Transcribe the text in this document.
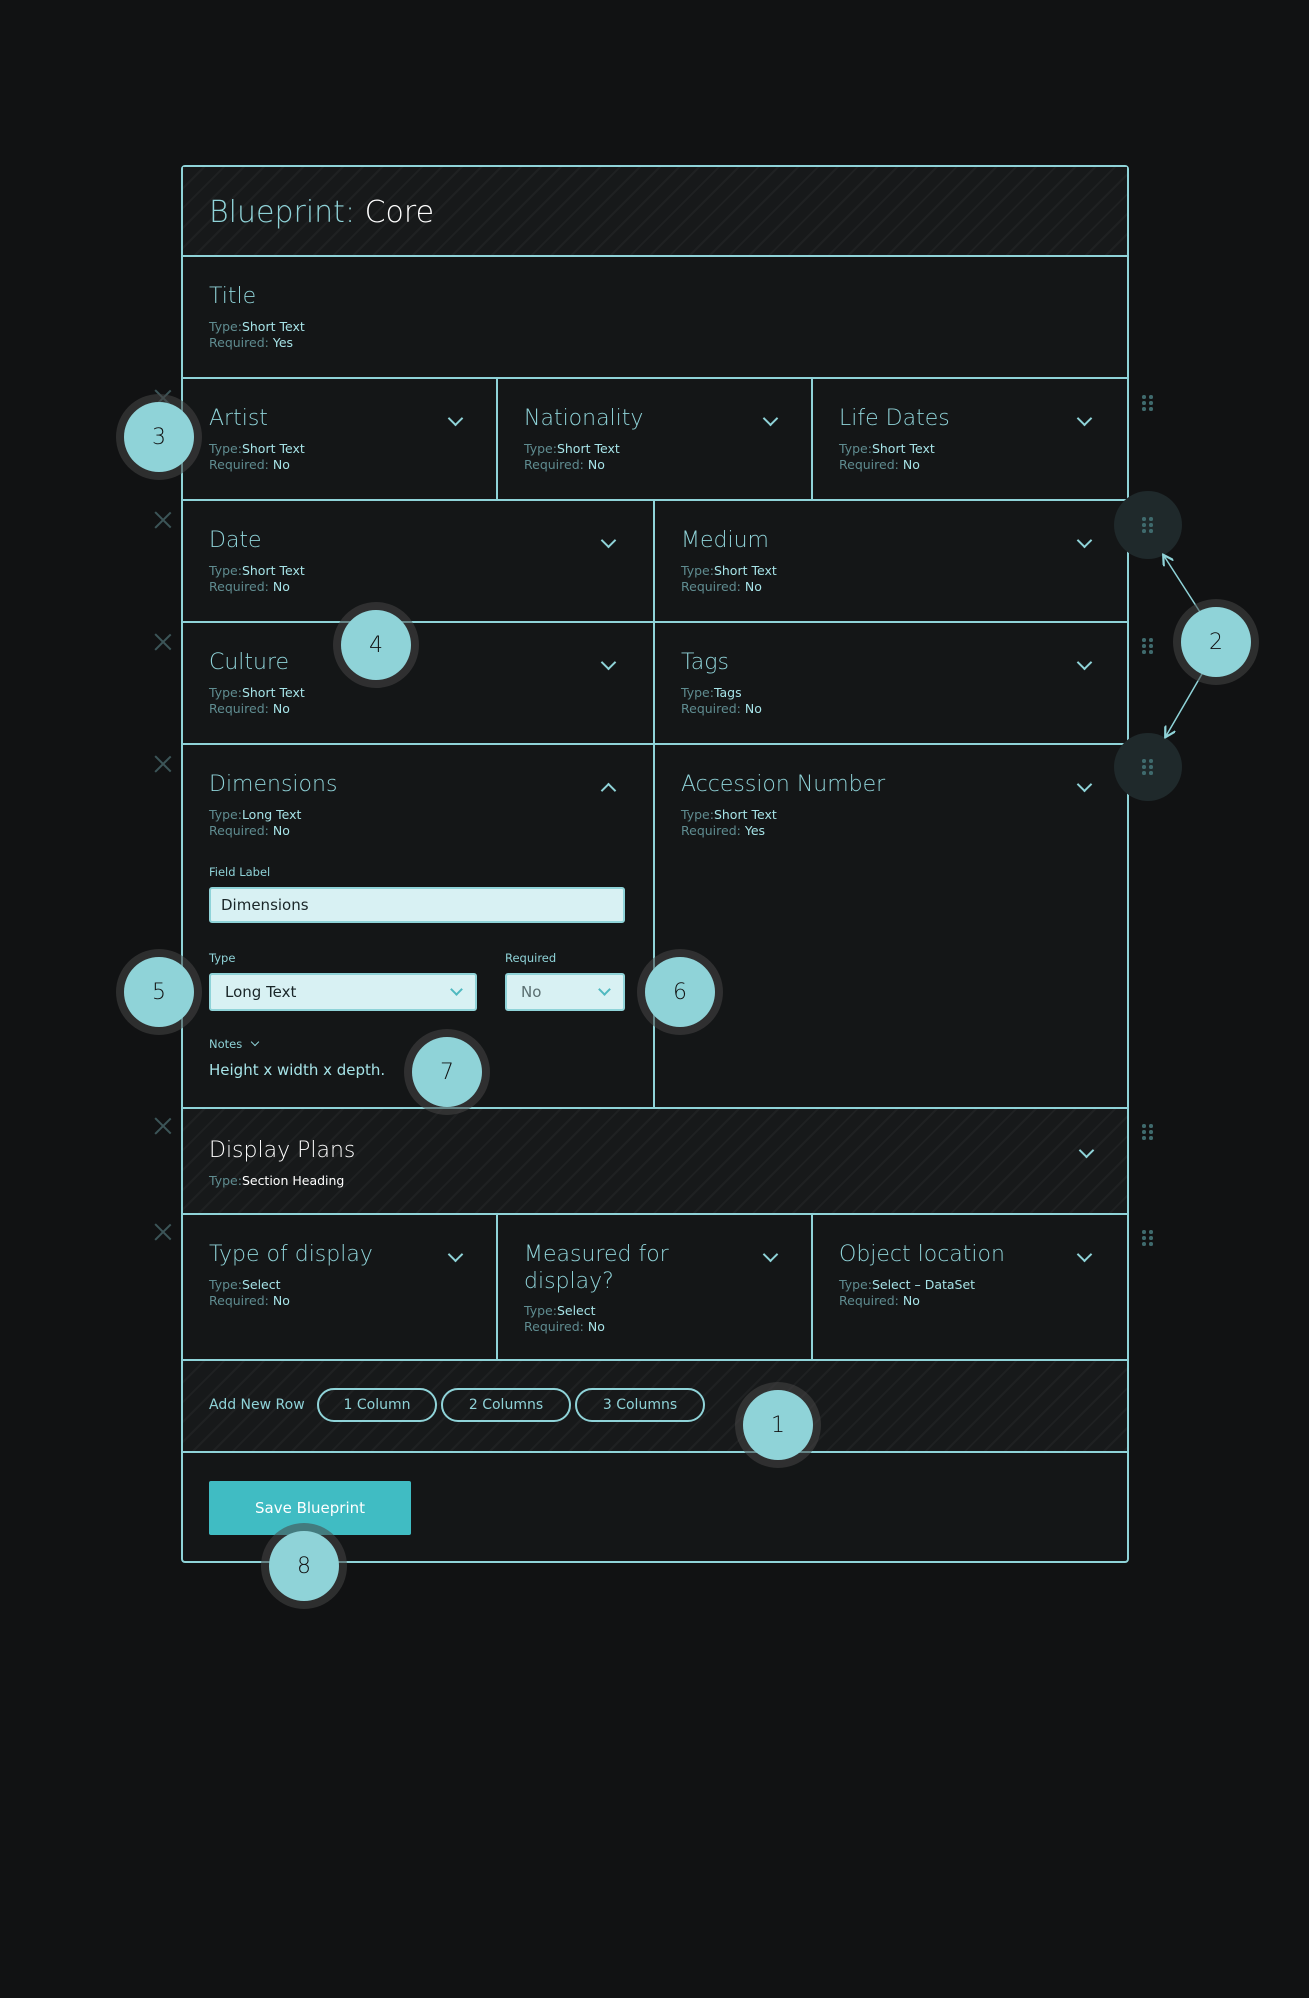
Blueprint: Core
Title
Type:Short Text
Required: Yes
Artist
Type:Short Text
Required: No
Nationality
Type:Short Text
Required: No
Life Dates
Type:Short Text
Required: No
Date
Type:Short Text
Required: No
Medium
Type:Short Text
Required: No
Culture
Type:Short Text
Required: No
Tags
Type:Tags
Required: No
Dimensions
Type:Long Text
Required: No
Field Label
Dimensions
Type
Long Text
Required
No
Notes
Height x width x depth.
Accession Number
Type:Short Text
Required: Yes
Display Plans
Type:Section Heading
Type of display
Type:Select
Required: No
Measured for display?
Type:Select
Required: No
Object location
Type:Select – DataSet
Required: No
Add New Row	1 Column	2 Columns	3 Columns
Save Blueprint
1
2
3
4
5	6
7
8
